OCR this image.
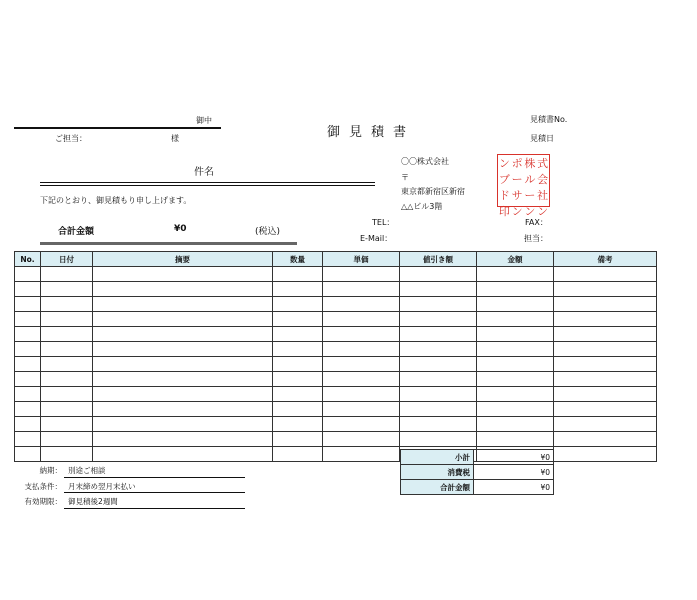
御中
ご担当：	様	御見積書
見積書No.
見積日
件名
下記のとおり、御見積もり申し上げます。
合計金額	¥0	(税込)
〇〇株式会社
〒
東京都新宿区新宿
△△ビル3階
ン ポ 株 式
ブ ー ル 会
ド サ ー 社
印 ン ン ン
TEL：
E-Mail：
FAX：
担当：
No.	日付	摘要	数量	単価	値引き額	金額	備考

小計	¥0
消費税	¥0
合計金額	¥0
納期： 別途ご相談
支払条件： 月末締め翌月末払い
有効期限： 御見積後2週間
